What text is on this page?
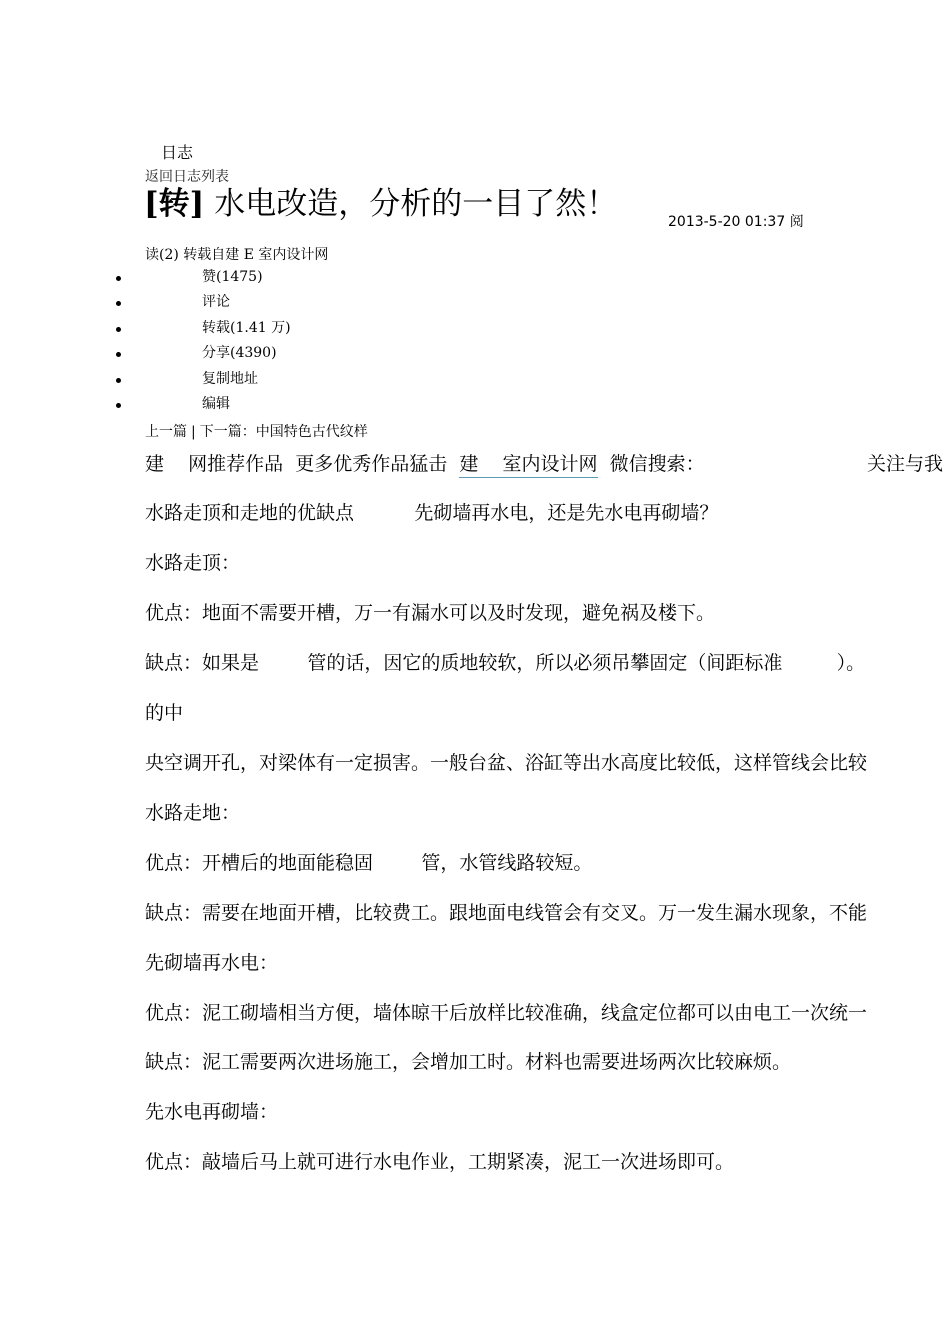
日志
返回日志列表
[转] 水电改造，分析的一目了然！	2013-5-20 01:37 阅
读(2) 转载自建 E 室内设计网
赞(1475)
评论
转载(1.41 万)
分享(4390)
复制地址
编辑
上一篇 | 下一篇：中国特色古代纹样
建    网推荐作品  更多优秀作品猛击  建    室内设计网  微信搜索：	关注与我
水路走顶和走地的优缺点          先砌墙再水电，还是先水电再砌墙？
水路走顶：
优点：地面不需要开槽，万一有漏水可以及时发现，避免祸及楼下。
缺点：如果是        管的话，因它的质地较软，所以必须吊攀固定（间距标准         ）。
的中
央空调开孔，对梁体有一定损害。一般台盆、浴缸等出水高度比较低，这样管线会比较
水路走地：
优点：开槽后的地面能稳固        管，水管线路较短。
缺点：需要在地面开槽，比较费工。跟地面电线管会有交叉。万一发生漏水现象，不能
先砌墙再水电：
优点：泥工砌墙相当方便，墙体晾干后放样比较准确，线盒定位都可以由电工一次统一
缺点：泥工需要两次进场施工，会增加工时。材料也需要进场两次比较麻烦。
先水电再砌墙：
优点：敲墙后马上就可进行水电作业，工期紧凑，泥工一次进场即可。
